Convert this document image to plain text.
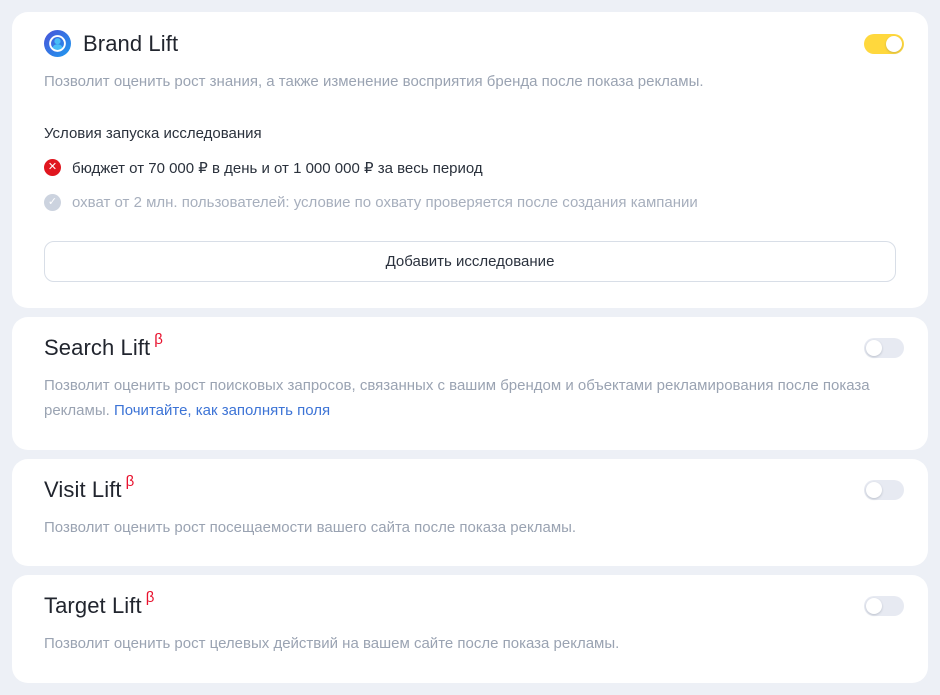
Brand Lift

Позволит оценить рост знания, а также изменение восприятия бренда после показа рекламы.

Условия запуска исследования
✕ бюджет от 70 000 ₽ в день и от 1 000 000 ₽ за весь период
✓ охват от 2 млн. пользователей: условие по охвату проверяется после создания кампании
Добавить исследование
Search Lift $^\beta$

Позволит оценить рост поисковых запросов, связанных с вашим брендом и объектами рекламирования после показа рекламы. Почитайте, как заполнять поля

Visit Lift $^\beta$

Позволит оценить рост посещаемости вашего сайта после показа рекламы.

Target Lift $^\beta$

Позволит оценить рост целевых действий на вашем сайте после показа рекламы.
